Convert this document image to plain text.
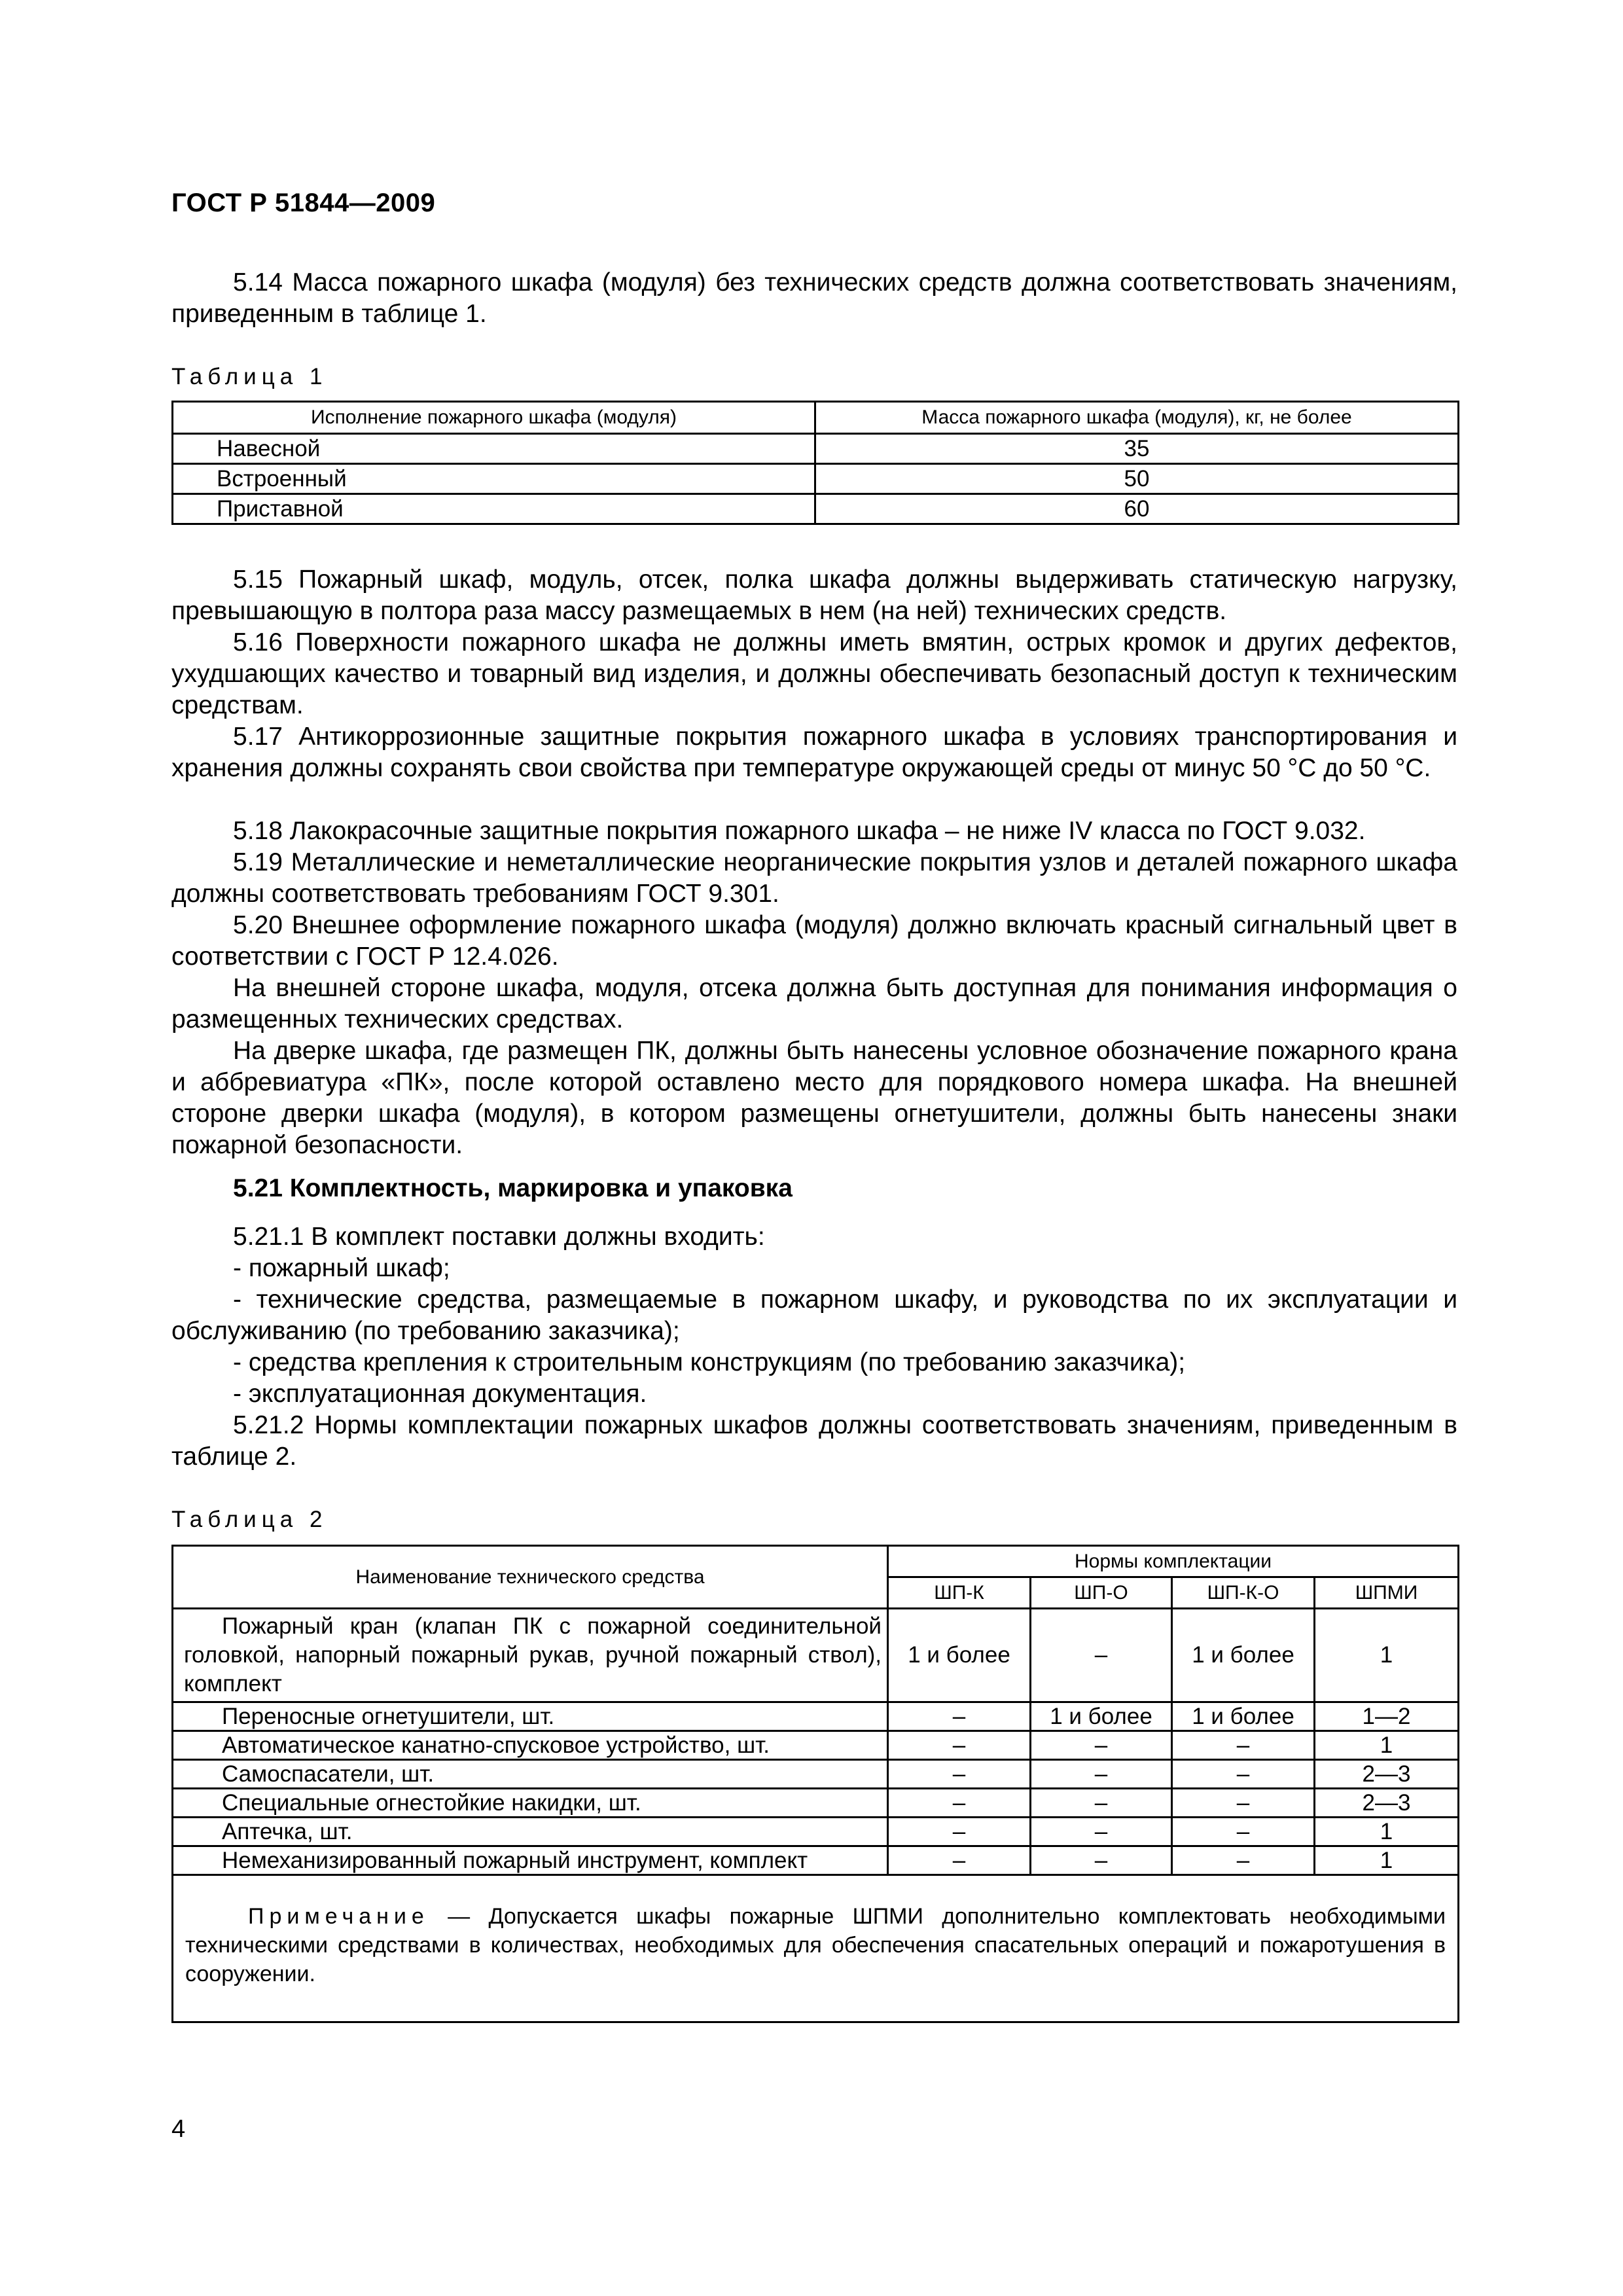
ГОСТ Р 51844—2009
5.14 Масса пожарного шкафа (модуля) без технических средств должна соответствовать значениям, приведенным в таблице 1.
Таблица 1
Исполнение пожарного шкафа (модуля)	Масса пожарного шкафа (модуля), кг, не более
Навесной	35
Встроенный	50
Приставной	60
5.15 Пожарный шкаф, модуль, отсек, полка шкафа должны выдерживать статическую нагрузку, превышающую в полтора раза массу размещаемых в нем (на ней) технических средств.
5.16 Поверхности пожарного шкафа не должны иметь вмятин, острых кромок и других дефектов, ухудшающих качество и товарный вид изделия, и должны обеспечивать безопасный доступ к техническим средствам.
5.17 Антикоррозионные защитные покрытия пожарного шкафа в условиях транспортирования и хранения должны сохранять свои свойства при температуре окружающей среды от минус 50 °С до 50 °С.
5.18 Лакокрасочные защитные покрытия пожарного шкафа – не ниже IV класса по ГОСТ 9.032.
5.19 Металлические и неметаллические неорганические покрытия узлов и деталей пожарного шкафа должны соответствовать требованиям ГОСТ 9.301.
5.20 Внешнее оформление пожарного шкафа (модуля) должно включать красный сигнальный цвет в соответствии с ГОСТ Р 12.4.026.
На внешней стороне шкафа, модуля, отсека должна быть доступная для понимания информация о размещенных технических средствах.
На дверке шкафа, где размещен ПК, должны быть нанесены условное обозначение пожарного крана и аббревиатура «ПК», после которой оставлено место для порядкового номера шкафа. На внешней стороне дверки шкафа (модуля), в котором размещены огнетушители, должны быть нанесены знаки пожарной безопасности.
5.21 Комплектность, маркировка и упаковка
5.21.1 В комплект поставки должны входить:
- пожарный шкаф;
- технические средства, размещаемые в пожарном шкафу, и руководства по их эксплуатации и обслуживанию (по требованию заказчика);
- средства крепления к строительным конструкциям (по требованию заказчика);
- эксплуатационная документация.
5.21.2 Нормы комплектации пожарных шкафов должны соответствовать значениям, приведенным в таблице 2.
Таблица 2
Наименование технического средства	Нормы комплектации			
	ШП-К	ШП-О	ШП-К-О	ШПМИ
Пожарный кран (клапан ПК с пожарной соединительной головкой, напорный пожарный рукав, ручной пожарный ствол), комплект	1 и более	–	1 и более	1
Переносные огнетушители, шт.	–	1 и более	1 и более	1—2
Автоматическое канатно-спусковое устройство, шт.	–	–	–	1
Самоспасатели, шт.	–	–	–	2—3
Специальные огнестойкие накидки, шт.	–	–	–	2—3
Аптечка, шт.	–	–	–	1
Немеханизированный пожарный инструмент, комплект	–	–	–	1
Примечание — Допускается шкафы пожарные ШПМИ дополнительно комплектовать необходимыми техническими средствами в количествах, необходимых для обеспечения спасательных операций и пожаротушения в сооружении.				
4
